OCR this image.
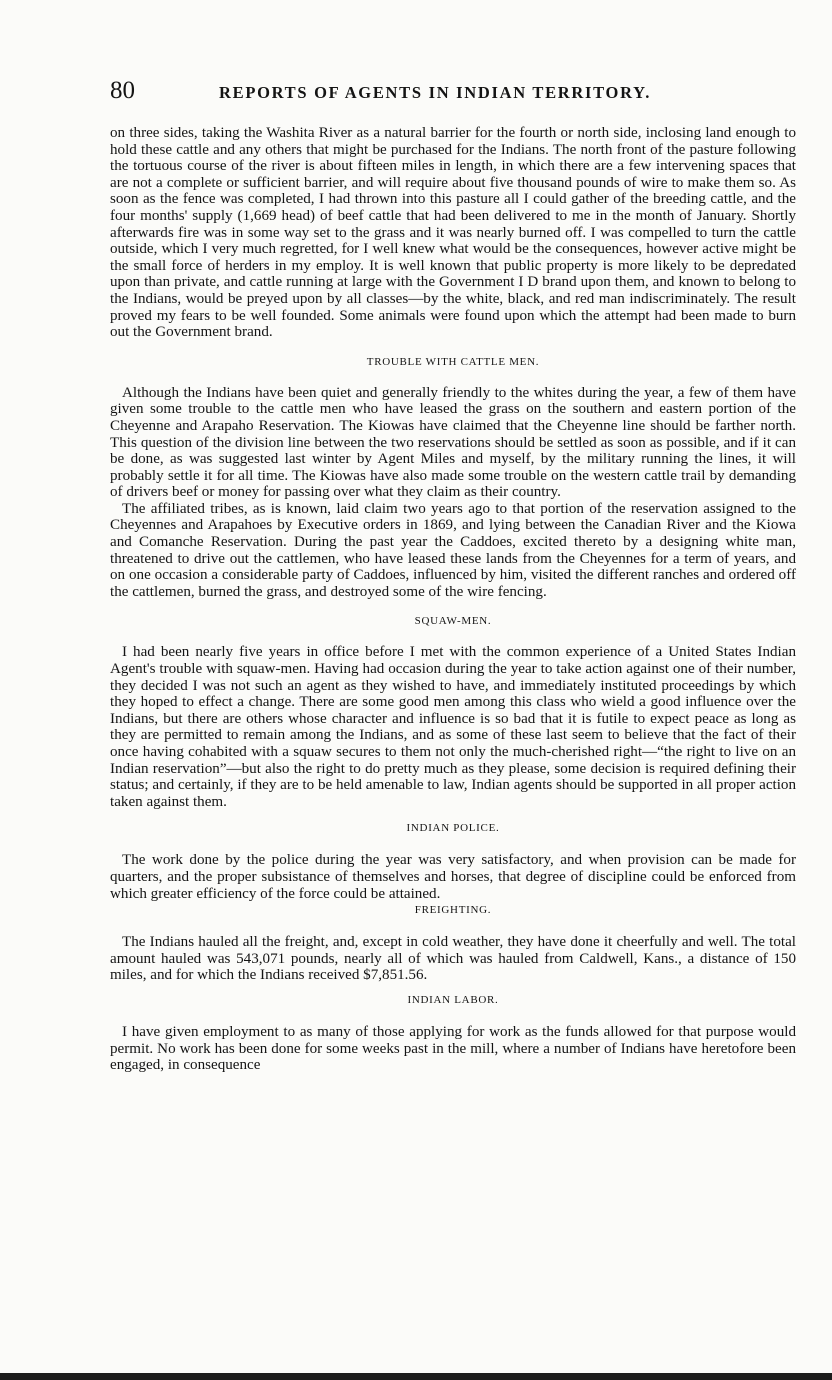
80	REPORTS OF AGENTS IN INDIAN TERRITORY.

on three sides, taking the Washita River as a natural barrier for the fourth or north side, inclosing land enough to hold these cattle and any others that might be purchased for the Indians. The north front of the pasture following the tortuous course of the river is about fifteen miles in length, in which there are a few intervening spaces that are not a complete or sufficient barrier, and will require about five thousand pounds of wire to make them so. As soon as the fence was completed, I had thrown into this pasture all I could gather of the breeding cattle, and the four months' supply (1,669 head) of beef cattle that had been delivered to me in the month of January. Shortly afterwards fire was in some way set to the grass and it was nearly burned off. I was compelled to turn the cattle outside, which I very much regretted, for I well knew what would be the consequences, however active might be the small force of herders in my employ. It is well known that public property is more likely to be depredated upon than private, and cattle running at large with the Government I D brand upon them, and known to belong to the Indians, would be preyed upon by all classes—by the white, black, and red man indiscriminately. The result proved my fears to be well founded. Some animals were found upon which the attempt had been made to burn out the Government brand.

TROUBLE WITH CATTLE MEN.

Although the Indians have been quiet and generally friendly to the whites during the year, a few of them have given some trouble to the cattle men who have leased the grass on the southern and eastern portion of the Cheyenne and Arapaho Reservation. The Kiowas have claimed that the Cheyenne line should be farther north. This question of the division line between the two reservations should be settled as soon as possible, and if it can be done, as was suggested last winter by Agent Miles and myself, by the military running the lines, it will probably settle it for all time. The Kiowas have also made some trouble on the western cattle trail by demanding of drivers beef or money for passing over what they claim as their country.

The affiliated tribes, as is known, laid claim two years ago to that portion of the reservation assigned to the Cheyennes and Arapahoes by Executive orders in 1869, and lying between the Canadian River and the Kiowa and Comanche Reservation. During the past year the Caddoes, excited thereto by a designing white man, threatened to drive out the cattlemen, who have leased these lands from the Cheyennes for a term of years, and on one occasion a considerable party of Caddoes, influenced by him, visited the different ranches and ordered off the cattlemen, burned the grass, and destroyed some of the wire fencing.

SQUAW-MEN.

I had been nearly five years in office before I met with the common experience of a United States Indian Agent's trouble with squaw-men. Having had occasion during the year to take action against one of their number, they decided I was not such an agent as they wished to have, and immediately instituted proceedings by which they hoped to effect a change. There are some good men among this class who wield a good influence over the Indians, but there are others whose character and influence is so bad that it is futile to expect peace as long as they are permitted to remain among the Indians, and as some of these last seem to believe that the fact of their once having cohabited with a squaw secures to them not only the much-cherished right—“the right to live on an Indian reservation”—but also the right to do pretty much as they please, some decision is required defining their status; and certainly, if they are to be held amenable to law, Indian agents should be supported in all proper action taken against them.

INDIAN POLICE.

The work done by the police during the year was very satisfactory, and when provision can be made for quarters, and the proper subsistance of themselves and horses, that degree of discipline could be enforced from which greater efficiency of the force could be attained.

FREIGHTING.

The Indians hauled all the freight, and, except in cold weather, they have done it cheerfully and well. The total amount hauled was 543,071 pounds, nearly all of which was hauled from Caldwell, Kans., a distance of 150 miles, and for which the Indians received $7,851.56.

INDIAN LABOR.

I have given employment to as many of those applying for work as the funds allowed for that purpose would permit. No work has been done for some weeks past in the mill, where a number of Indians have heretofore been engaged, in consequence
